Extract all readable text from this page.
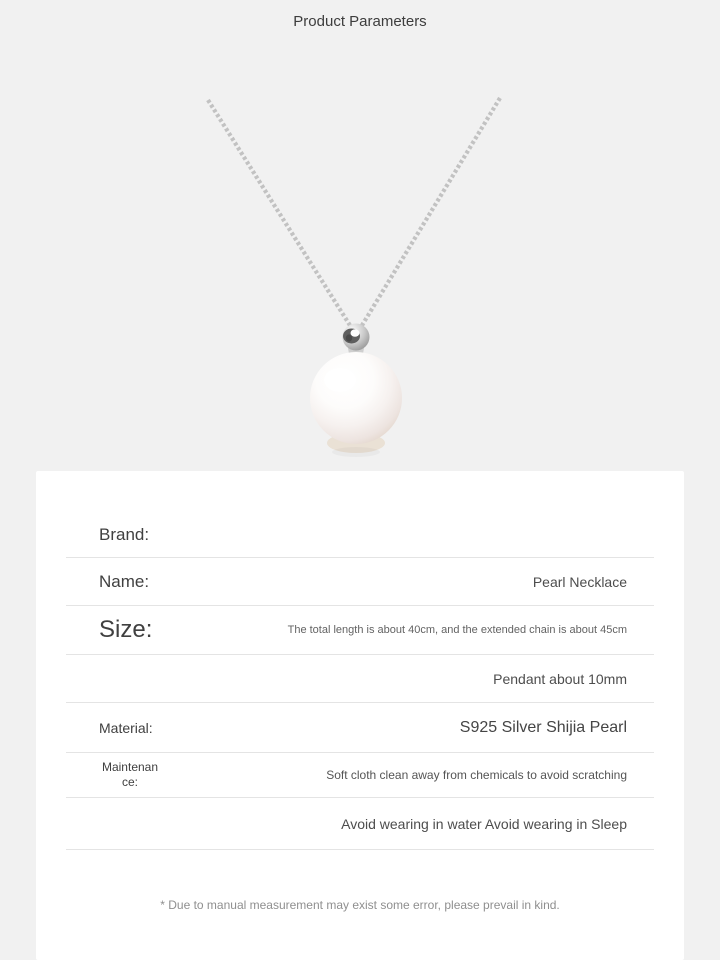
Product Parameters
Brand:
Name:	Pearl Necklace
Size:	The total length is about 40cm, and the extended chain is about 45cm
Pendant about 10mm
Material:	S925 Silver Shijia Pearl
Maintenance:	Soft cloth clean away from chemicals to avoid scratching
Avoid wearing in water Avoid wearing in Sleep
* Due to manual measurement may exist some error, please prevail in kind.
